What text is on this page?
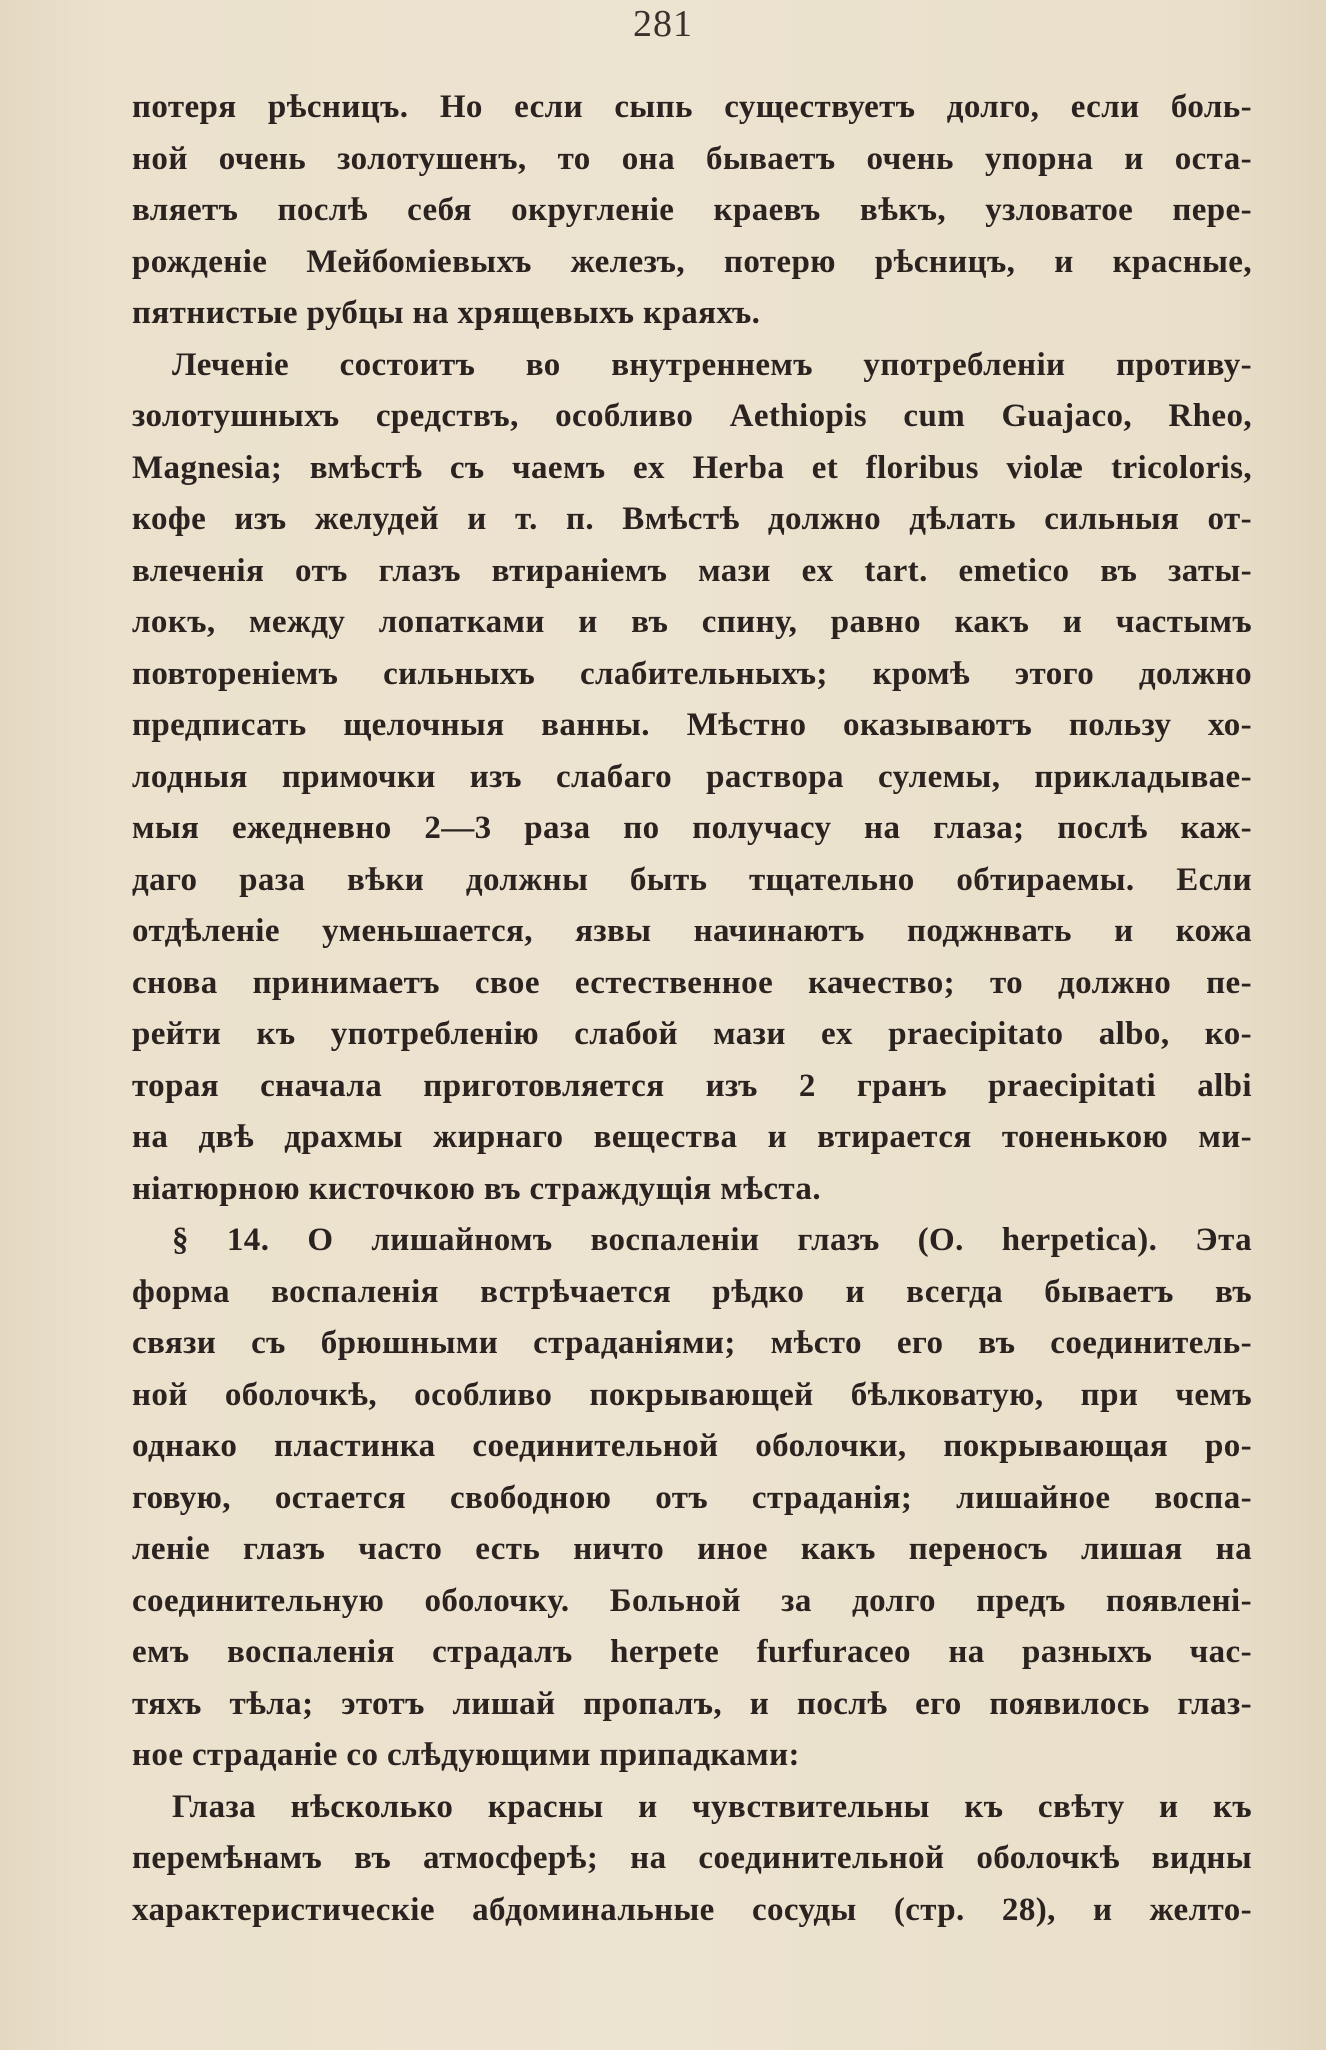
281
потеря рѣсницъ. Но если сыпь существуетъ долго, если боль-
ной очень золотушенъ, то она бываетъ очень упорна и оста-
вляетъ послѣ себя округленіе краевъ вѣкъ, узловатое пере-
рожденіе Мейбоміевыхъ железъ, потерю рѣсницъ, и красные,
пятнистые рубцы на хрящевыхъ краяхъ.
Леченіе состоитъ во внутреннемъ употребленіи противу-
золотушныхъ средствъ, особливо Aethiopis cum Guajaco, Rheo,
Magnesia; вмѣстѣ съ чаемъ ex Herba et floribus violæ tricoloris,
кофе изъ желудей и т. п. Вмѣстѣ должно дѣлать сильныя от-
влеченія отъ глазъ втираніемъ мази ex tart. emetico въ заты-
локъ, между лопатками и въ спину, равно какъ и частымъ
повтореніемъ сильныхъ слабительныхъ; кромѣ этого должно
предписать щелочныя ванны. Мѣстно оказываютъ пользу хо-
лодныя примочки изъ слабаго раствора сулемы, прикладывае-
мыя ежедневно 2—3 раза по получасу на глаза; послѣ каж-
даго раза вѣки должны быть тщательно обтираемы. Если
отдѣленіе уменьшается, язвы начинаютъ поджнвать и кожа
снова принимаетъ свое естественное качество; то должно пе-
рейти къ употребленію слабой мази ex praecipitato albo, ко-
торая сначала приготовляется изъ 2 гранъ praecipitati albi
на двѣ драхмы жирнаго вещества и втирается тоненькою ми-
ніатюрною кисточкою въ страждущія мѣста.
§ 14. О лишайномъ воспаленіи глазъ (O. herpetica). Эта
форма воспаленія встрѣчается рѣдко и всегда бываетъ въ
связи съ брюшными страданіями; мѣсто его въ соединитель-
ной оболочкѣ, особливо покрывающей бѣлковатую, при чемъ
однако пластинка соединительной оболочки, покрывающая ро-
говую, остается свободною отъ страданія; лишайное воспа-
леніе глазъ часто есть ничто иное какъ переносъ лишая на
соединительную оболочку. Больной за долго предъ появлені-
емъ воспаленія страдалъ herpete furfuraceo на разныхъ час-
тяхъ тѣла; этотъ лишай пропалъ, и послѣ его появилось глаз-
ное страданіе со слѣдующими припадками:
Глаза нѣсколько красны и чувствительны къ свѣту и къ
перемѣнамъ въ атмосферѣ; на соединительной оболочкѣ видны
характеристическіе абдоминальные сосуды (стр. 28), и желто-
